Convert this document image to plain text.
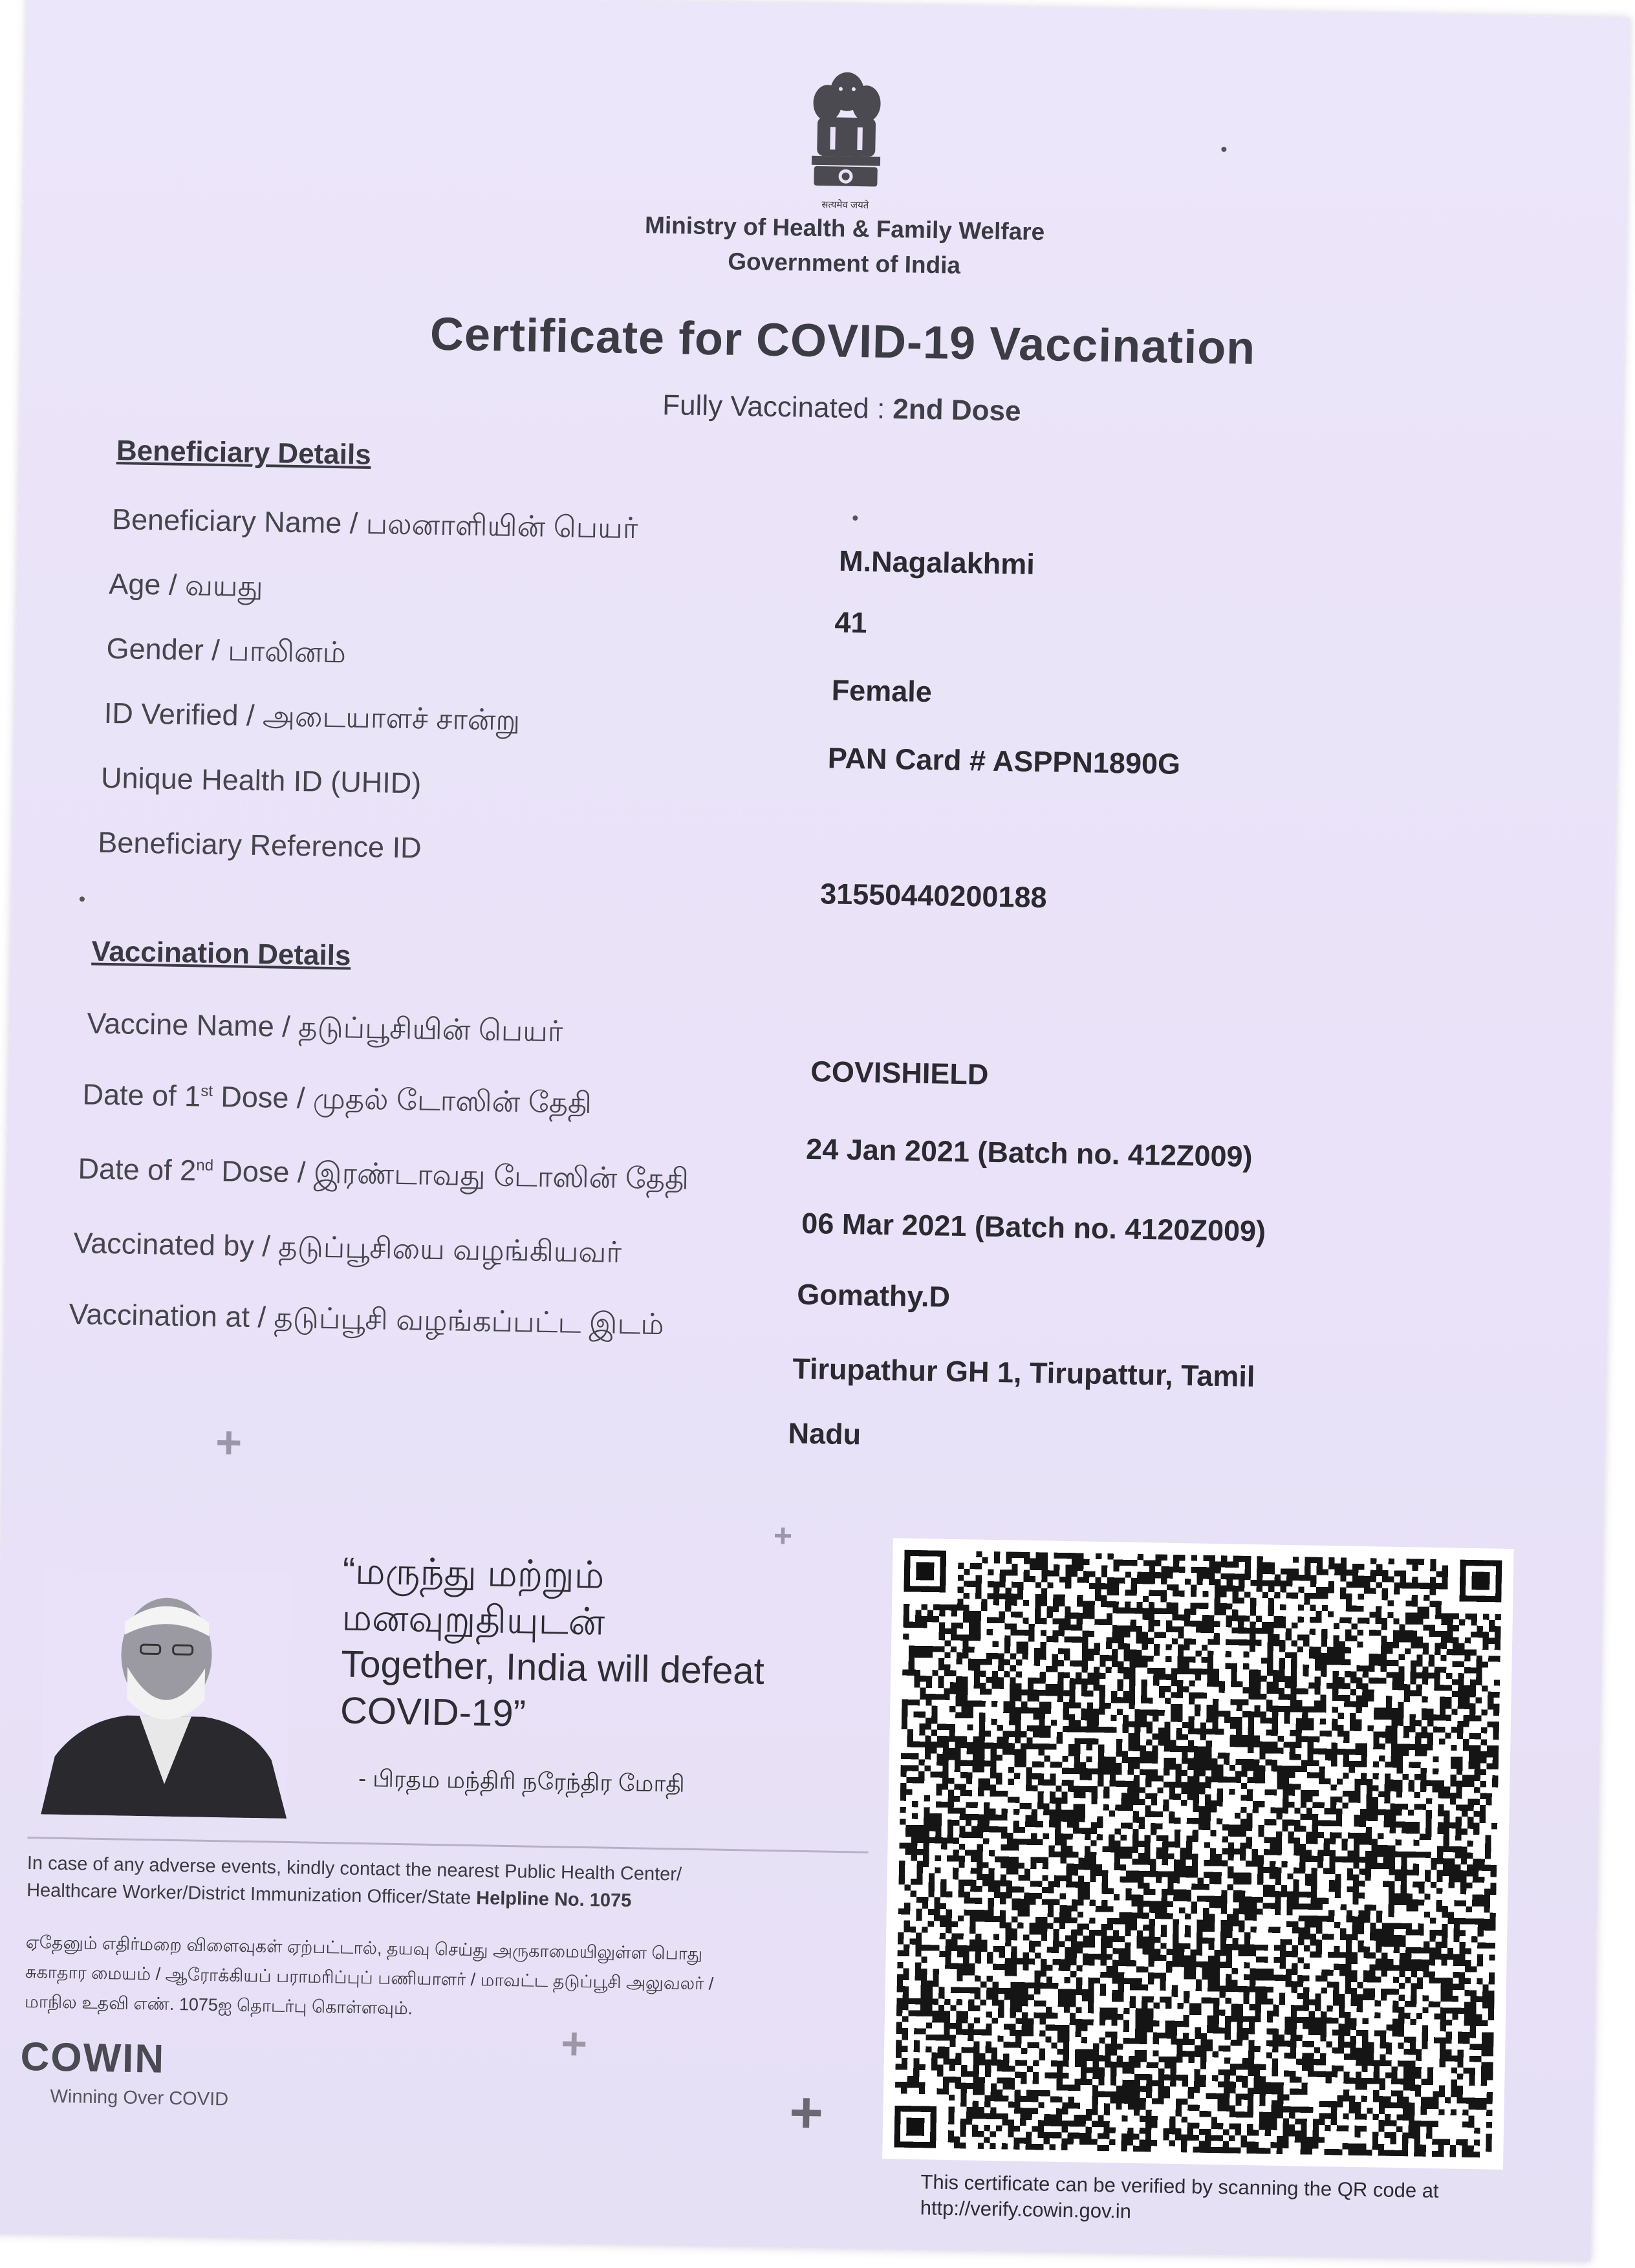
सत्यमेव जयते
Ministry of Health & Family Welfare
Government of India
Certificate for COVID-19 Vaccination
Fully Vaccinated : 2nd Dose
Beneficiary Details
Beneficiary Name / பலனாளியின் பெயர்
M.Nagalakhmi
Age / வயது
41
Gender / பாலினம்
Female
ID Verified / அடையாளச் சான்று
PAN Card # ASPPN1890G
Unique Health ID (UHID)
Beneficiary Reference ID
31550440200188
Vaccination Details
Vaccine Name / தடுப்பூசியின் பெயர்
COVISHIELD
Date of 1st Dose / முதல் டோஸின் தேதி
24 Jan 2021 (Batch no. 412Z009)
Date of 2nd Dose / இரண்டாவது டோஸின் தேதி
06 Mar 2021 (Batch no. 4120Z009)
Vaccinated by / தடுப்பூசியை வழங்கியவர்
Gomathy.D
Vaccination at / தடுப்பூசி வழங்கப்பட்ட இடம்
Tirupathur GH 1, Tirupattur, Tamil
Nadu
+
+
+
+
“மருந்து மற்றும்
மனவுறுதியுடன்
Together, India will defeat
COVID-19”
- பிரதம மந்திரி நரேந்திர மோதி
In case of any adverse events, kindly contact the nearest Public Health Center/
Healthcare Worker/District Immunization Officer/State Helpline No. 1075
ஏதேனும் எதிர்மறை விளைவுகள் ஏற்பட்டால், தயவு செய்து அருகாமையிலுள்ள பொது
சுகாதார மையம் / ஆரோக்கியப் பராமரிப்புப் பணியாளர் / மாவட்ட தடுப்பூசி அலுவலர் /
மாநில உதவி எண். 1075ஐ தொடர்பு கொள்ளவும்.
COWIN
Winning Over COVID
This certificate can be verified by scanning the QR code at
http://verify.cowin.gov.in
